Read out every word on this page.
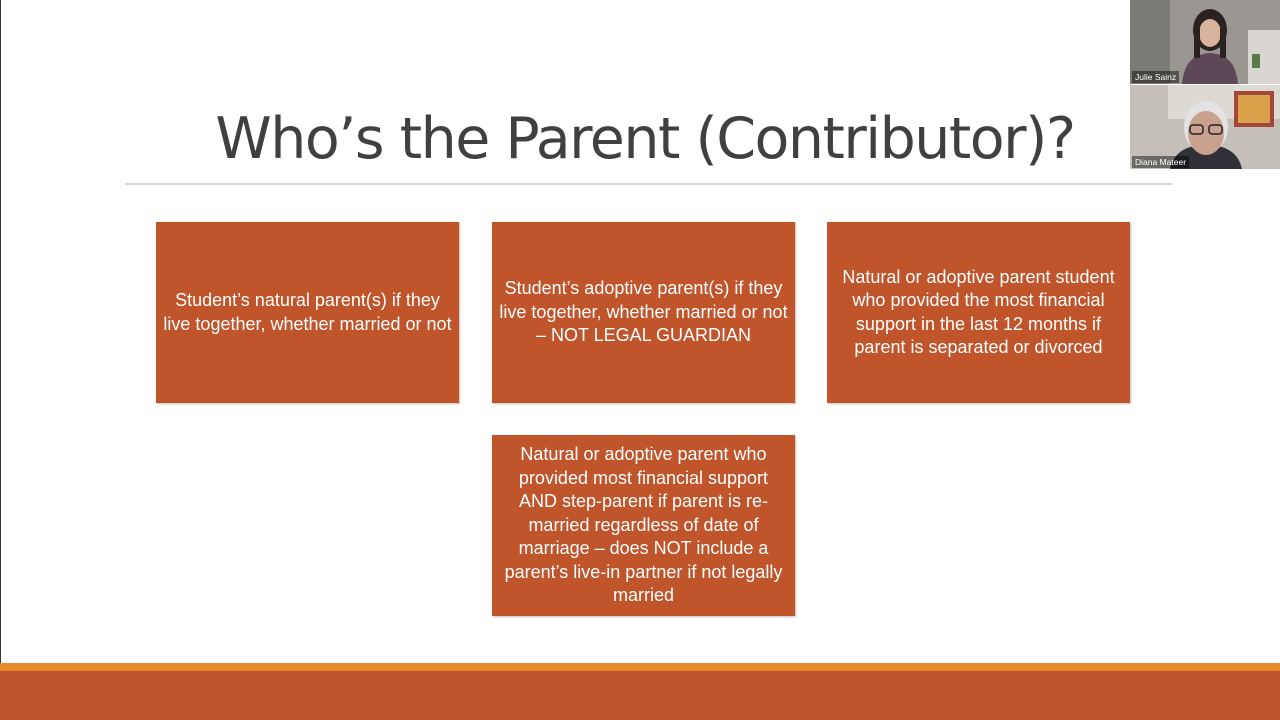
Who’s the Parent (Contributor)?
Student’s natural parent(s) if they live together, whether married or not
Student’s adoptive parent(s) if they live together, whether married or not – NOT LEGAL GUARDIAN
Natural or adoptive parent student who provided the most financial support in the last 12 months if parent is separated or divorced
Natural or adoptive parent who provided most financial support AND step-parent if parent is re-married regardless of date of marriage – does NOT include a parent’s live-in partner if not legally married
Julie Sainz
Diana Mateer
